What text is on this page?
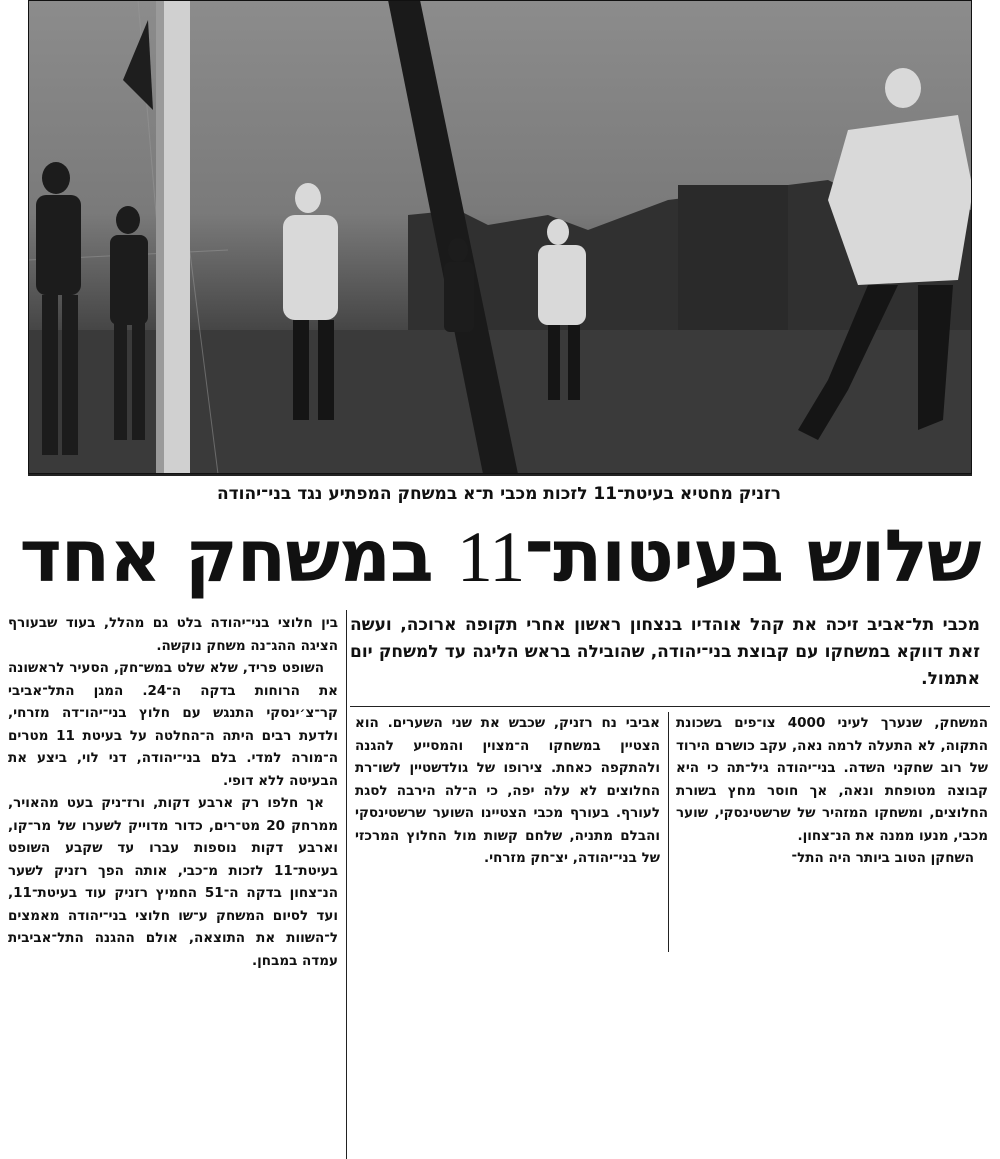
רזניק מחטיא בעיטת־11 לזכות מכבי ת־א במשחק המפתיע נגד בני־יהודה
שלוש בעיטות־11 במשחק אחד
מכבי תל־אביב זיכה את קהל אוהדיו בנצחון ראשון אחרי תקופה ארוכה, ועשה זאת דווקא במשחקו עם קבוצת בני־יהודה, שהובילה בראש הליגה עד למשחק יום אתמול.

המשחק, שנערך לעיני 4000 צו־פים בשכונת התקוה, לא התעלה לרמה נאה, עקב כושרם הירוד של רוב שחקני השדה. בני־יהודה גיל־תה כי היא קבוצה מטופחת ונאה, אך חוסר מחץ בשורת החלוצים, ומשחקו המזהיר של שרשטינסקי, שוער מכבי, מנעו ממנה את הנ־צחון.

השחקן הטוב ביותר היה התל־

אביבי נח רזניק, שכבש את שני השערים. הוא הצטיין במשחקו ה־מצוין והמסייע להגנה ולהתקפה כאחת. צירופו של גולדשטיין לשו־רת החלוצים לא עלה יפה, כי ה־לה הירבה לסגת לעורף. בעורף מכבי הצטיינו השוער שרשטינסקי והבלם מתניה, שלחם קשות מול החלוץ המרכזי של בני־יהודה, יצ־חק מזרחי.

בין חלוצי בני־יהודה בלט גם מהלל, בעוד שבעורף הציגה ההג־נה משחק נוקשה.

השופט פריד, שלא שלט במש־חק, הסעיר לראשונה את הרוחות בדקה ה־24. המגן התל־אביבי קר־צ׳ינסקי התנגש עם חלוץ בני־יהו־דה מזרחי, ולדעת רבים היתה ה־החלטה על בעיטת 11 מטרים ה־מורה למדי. בלם בני־יהודה, דני לוי, ביצע את הבעיטה ללא דופי.

אך חלפו רק ארבע דקות, ורז־ניק בעט מהאויר, ממרחק 20 מט־רים, כדור מדוייק לשערו של מר־קו, וארבע דקות נוספות עברו עד שקבע השופט בעיטת־11 לזכות מ־כבי, אותה הפך רזניק לשער הנ־צחון בדקה ה־51 החמיץ רזניק עוד בעיטת־11, ועד לסיום המשחק ע־שו חלוצי בני־יהודה מאמצים ל־השוות את התוצאה, אולם ההגנה התל־אביבית עמדה במבחן.
